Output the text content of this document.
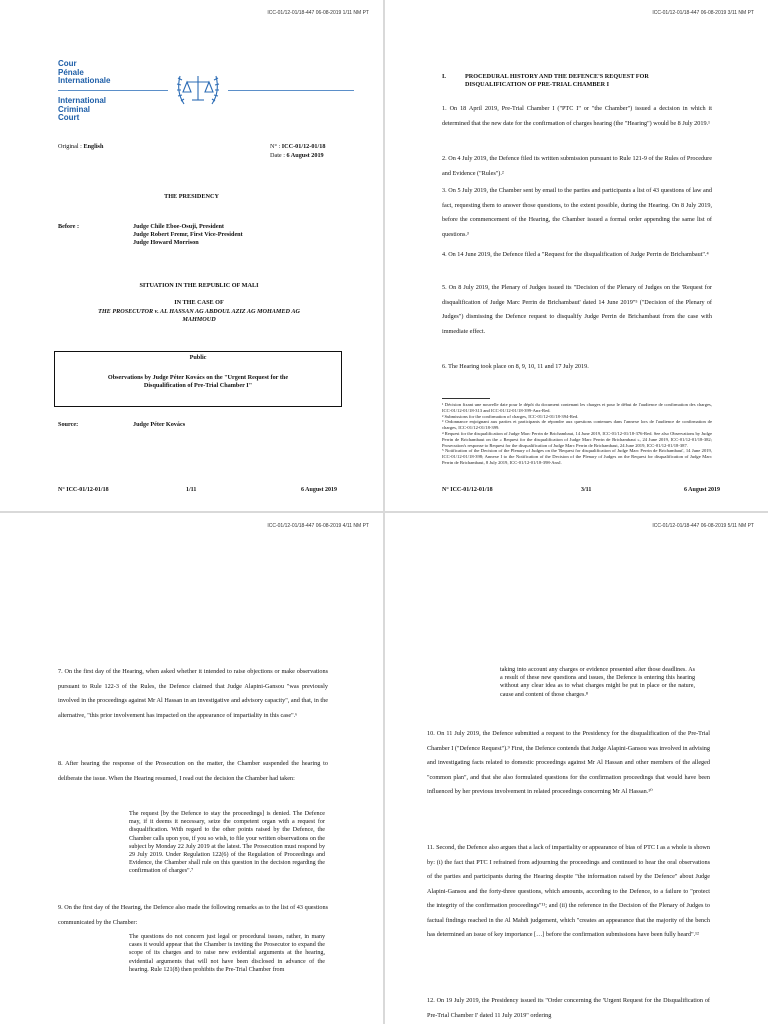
ICC-01/12-01/18-447 06-08-2019 1/11 NM PT
Cour
Pénale
Internationale
International
Criminal
Court
Original : English	N° : ICC-01/12-01/18
Date : 6 August 2019
THE PRESIDENCY
Before :	Judge Chile Eboe-Osuji, President
Judge Robert Fremr, First Vice-President
Judge Howard Morrison
SITUATION IN THE REPUBLIC OF MALI
IN THE CASE OF
THE PROSECUTOR v. AL HASSAN AG ABDOUL AZIZ AG MOHAMED AG
MAHMOUD
Public
Observations by Judge Péter Kovács on the "Urgent Request for the
Disqualification of Pre-Trial Chamber I"
Source:	Judge Péter Kovács
N° ICC-01/12-01/18	1/11	6 August 2019
ICC-01/12-01/18-447 06-08-2019 3/11 NM PT
I.	PROCEDURAL HISTORY AND THE DEFENCE'S REQUEST FOR
DISQUALIFICATION OF PRE-TRIAL CHAMBER I
1. On 18 April 2019, Pre-Trial Chamber I ("PTC I" or "the Chamber") issued a decision in which it determined that the new date for the confirmation of charges hearing (the "Hearing") would be 8 July 2019.¹
2. On 4 July 2019, the Defence filed its written submission pursuant to Rule 121-9 of the Rules of Procedure and Evidence ("Rules").²
3. On 5 July 2019, the Chamber sent by email to the parties and participants a list of 43 questions of law and fact, requesting them to answer those questions, to the extent possible, during the Hearing. On 8 July 2019, before the commencement of the Hearing, the Chamber issued a formal order appending the same list of questions.³
4. On 14 June 2019, the Defence filed a "Request for the disqualification of Judge Perrin de Brichambaut".⁴
5. On 8 July 2019, the Plenary of Judges issued its "Decision of the Plenary of Judges on the 'Request for disqualification of Judge Marc Perrin de Brichambaut' dated 14 June 2019"⁵ ("Decision of the Plenary of Judges") dismissing the Defence request to disqualify Judge Perrin de Brichambaut from the case with immediate effect.
6. The Hearing took place on 8, 9, 10, 11 and 17 July 2019.
¹ Décision fixant une nouvelle date pour le dépôt du document contenant les charges et pour le début de l'audience de confirmation des charges, ICC-01/12-01/18-313 and ICC-01/12-01/18-399-Anx-Red.
² Submissions for the confirmation of charges, ICC-01/12-01/18-394-Red.
³ Ordonnance enjoignant aux parties et participants de répondre aux questions contenues dans l'annexe lors de l'audience de confirmation de charges, ICC-01/12-01/18-399.
⁴ Request for the disqualification of Judge Marc Perrin de Brichambaut, 14 June 2019, ICC-01/12-01/18-376-Red. See also Observations by Judge Perrin de Brichambaut on the « Request for the disqualification of Judge Marc Perrin de Brichambaut », 24 June 2019, ICC-01/12-01/18-382; Prosecution's response to Request for the disqualification of Judge Marc Perrin de Brichambaut, 24 June 2019, ICC-01/12-01/18-387.
⁵ Notification of the Decision of the Plenary of Judges on the 'Request for disqualification of Judge Marc Perrin de Brichambaut', 14 June 2019, ICC-01/12-01/18-398; Annexe I to the Notification of the Decision of the Plenary of Judges on the Request for disqualification of Judge Marc Perrin de Brichambaut, 8 July 2019, ICC-01/12-01/18-398-AnxI.
N° ICC-01/12-01/18	3/11	6 August 2019
ICC-01/12-01/18-447 06-08-2019 4/11 NM PT
7. On the first day of the Hearing, when asked whether it intended to raise objections or make observations pursuant to Rule 122-3 of the Rules, the Defence claimed that Judge Alapini-Gansou "was previously involved in the proceedings against Mr Al Hassan in an investigative and advisory capacity", and that, in the alternative, "this prior involvement has impacted on the appearance of impartiality in this case".⁶
8. After hearing the response of the Prosecution on the matter, the Chamber suspended the hearing to deliberate the issue. When the Hearing resumed, I read out the decision the Chamber had taken:
The request [by the Defence to stay the proceedings] is denied. The Defence may, if it deems it necessary, seize the competent organ with a request for disqualification. With regard to the other points raised by the Defence, the Chamber calls upon you, if you so wish, to file your written observations on the subject by Monday 22 July 2019 at the latest. The Prosecution must respond by 29 July 2019. Under Regulation 122(6) of the Regulation of Proceedings and Evidence, the Chamber shall rule on this question in the decision regarding the confirmation of charges".⁷
9. On the first day of the Hearing, the Defence also made the following remarks as to the list of 43 questions communicated by the Chamber:
The questions do not concern just legal or procedural issues, rather, in many cases it would appear that the Chamber is inviting the Prosecutor to expand the scope of its charges and to raise new evidential arguments at the hearing, evidential arguments that will not have been disclosed in advance of the hearing. Rule 121(8) then prohibits the Pre-Trial Chamber from
ICC-01/12-01/18-447 06-08-2019 5/11 NM PT
taking into account any charges or evidence presented after those deadlines. As a result of these new questions and issues, the Defence is entering this hearing without any clear idea as to what charges might be put in place or the nature, cause and content of those charges.⁸
10. On 11 July 2019, the Defence submitted a request to the Presidency for the disqualification of the Pre-Trial Chamber I ("Defence Request").⁹ First, the Defence contends that Judge Alapini-Gansou was involved in advising and investigating facts related to domestic proceedings against Mr Al Hassan and other members of the alleged "common plan", and that she also formulated questions for the confirmation proceedings that would have been influenced by her previous involvement in related proceedings concerning Mr Al Hassan.¹⁰
11. Second, the Defence also argues that a lack of impartiality or appearance of bias of PTC I as a whole is shown by: (i) the fact that PTC I refrained from adjourning the proceedings and continued to hear the oral observations of the parties and participants during the Hearing despite "the information raised by the Defence" about Judge Alapini-Gansou and the forty-three questions, which amounts, according to the Defence, to a failure to "protect the integrity of the confirmation proceedings"¹¹; and (ii) the reference in the Decision of the Plenary of Judges to factual findings reached in the Al Mahdi judgement, which "creates an appearance that the majority of the bench has determined an issue of key importance […] before the confirmation submissions have been fully heard".¹²
12. On 19 July 2019, the Presidency issued its "Order concerning the 'Urgent Request for the Disqualification of Pre-Trial Chamber I' dated 11 July 2019" ordering
